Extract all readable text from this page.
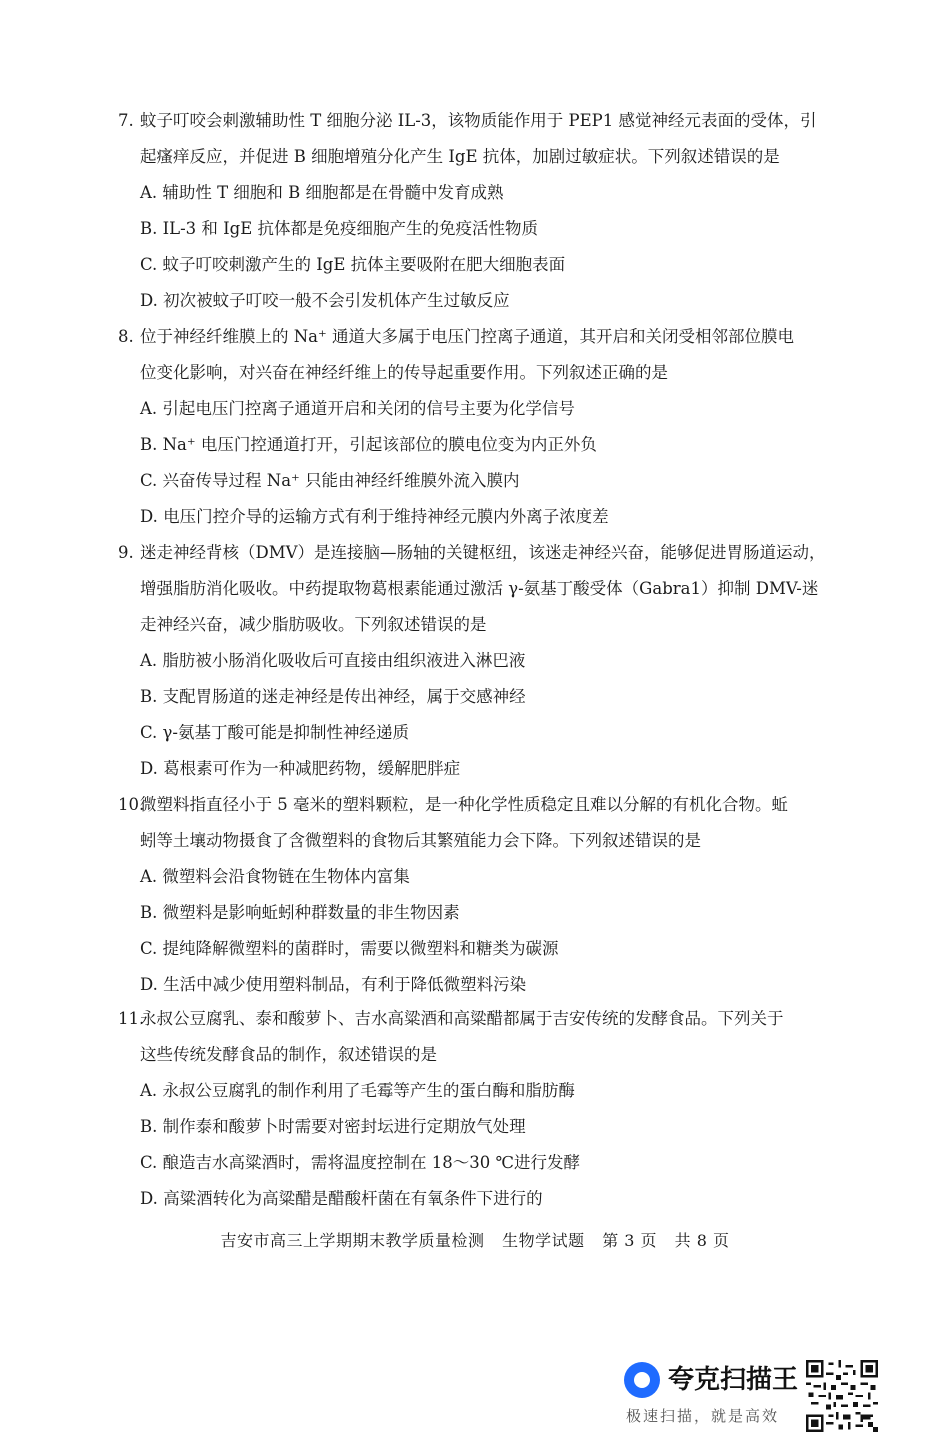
7. 蚊子叮咬会刺激辅助性 T 细胞分泌 IL-3，该物质能作用于 PEP1 感觉神经元表面的受体，引
起瘙痒反应，并促进 B 细胞增殖分化产生 IgE 抗体，加剧过敏症状。下列叙述错误的是
A. 辅助性 T 细胞和 B 细胞都是在骨髓中发育成熟
B. IL-3 和 IgE 抗体都是免疫细胞产生的免疫活性物质
C. 蚊子叮咬刺激产生的 IgE 抗体主要吸附在肥大细胞表面
D. 初次被蚊子叮咬一般不会引发机体产生过敏反应
8. 位于神经纤维膜上的 Na⁺ 通道大多属于电压门控离子通道，其开启和关闭受相邻部位膜电
位变化影响，对兴奋在神经纤维上的传导起重要作用。下列叙述正确的是
A. 引起电压门控离子通道开启和关闭的信号主要为化学信号
B. Na⁺ 电压门控通道打开，引起该部位的膜电位变为内正外负
C. 兴奋传导过程 Na⁺ 只能由神经纤维膜外流入膜内
D. 电压门控介导的运输方式有利于维持神经元膜内外离子浓度差
9. 迷走神经背核（DMV）是连接脑—肠轴的关键枢纽，该迷走神经兴奋，能够促进胃肠道运动，
增强脂肪消化吸收。中药提取物葛根素能通过激活 γ-氨基丁酸受体（Gabra1）抑制 DMV-迷
走神经兴奋，减少脂肪吸收。下列叙述错误的是
A. 脂肪被小肠消化吸收后可直接由组织液进入淋巴液
B. 支配胃肠道的迷走神经是传出神经，属于交感神经
C. γ-氨基丁酸可能是抑制性神经递质
D. 葛根素可作为一种减肥药物，缓解肥胖症
10.
微塑料指直径小于 5 毫米的塑料颗粒，是一种化学性质稳定且难以分解的有机化合物。蚯
蚓等土壤动物摄食了含微塑料的食物后其繁殖能力会下降。下列叙述错误的是
A. 微塑料会沿食物链在生物体内富集
B. 微塑料是影响蚯蚓种群数量的非生物因素
C. 提纯降解微塑料的菌群时，需要以微塑料和糖类为碳源
D. 生活中减少使用塑料制品，有利于降低微塑料污染
11.
永叔公豆腐乳、泰和酸萝卜、吉水高粱酒和高粱醋都属于吉安传统的发酵食品。下列关于
这些传统发酵食品的制作，叙述错误的是
A. 永叔公豆腐乳的制作利用了毛霉等产生的蛋白酶和脂肪酶
B. 制作泰和酸萝卜时需要对密封坛进行定期放气处理
C. 酿造吉水高粱酒时，需将温度控制在 18～30 ℃进行发酵
D. 高粱酒转化为高粱醋是醋酸杆菌在有氧条件下进行的
吉安市高三上学期期末教学质量检测 生物学试题 第 3 页 共 8 页
夸克扫描王
极速扫描，就是高效
